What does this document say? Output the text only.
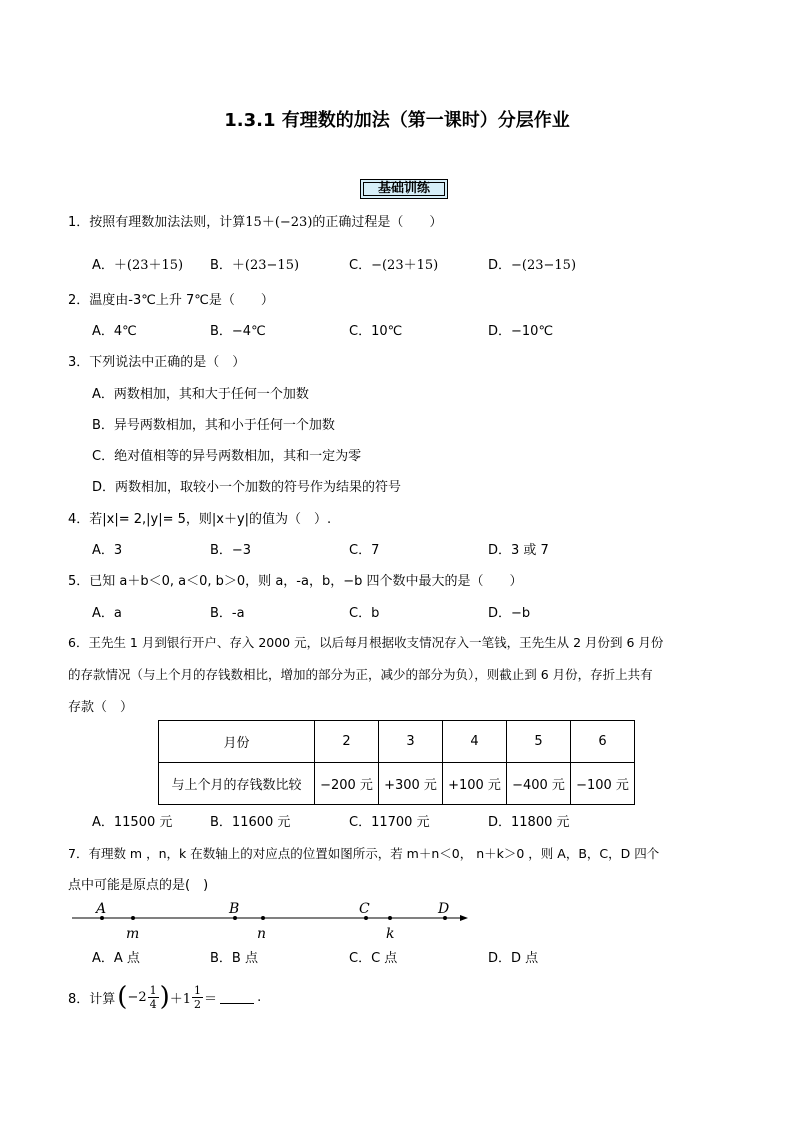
1.3.1 有理数的加法（第一课时）分层作业
基础训练
1．按照有理数加法法则，计算15＋(−23)的正确过程是（　　）
A．＋(23＋15) B．＋(23−15)	C．−(23＋15)	D．−(23−15)
2．温度由-3℃上升 7℃是（　　）
A．4℃	B．−4℃	C．10℃	D．−10℃
3．下列说法中正确的是（　）
A．两数相加，其和大于任何一个加数
B．异号两数相加，其和小于任何一个加数
C．绝对值相等的异号两数相加，其和一定为零
D．两数相加，取较小一个加数的符号作为结果的符号
4．若|x|= 2,|y|= 5，则|x＋y|的值为（　）.
A．3	B．−3	C．7	D．3 或 7
5．已知 a＋b＜0, a＜0, b＞0，则 a，-a，b，−b 四个数中最大的是（　　）
A．a	B．-a	C．b	D．−b
6．王先生 1 月到银行开户、存入 2000 元，以后每月根据收支情况存入一笔钱，王先生从 2 月份到 6 月份
的存款情况（与上个月的存钱数相比，增加的部分为正，减少的部分为负），则截止到 6 月份，存折上共有
存款（　）
月份	2	3	4	5	6
与上个月的存钱数比较	−200 元	+300 元	+100 元	−400 元	−100 元
A．11500 元	B．11600 元	C．11700 元	D．11800 元
7．有理数 m ，n，k 在数轴上的对应点的位置如图所示，若 m＋n＜0， n＋k＞0 ，则 A，B，C，D 四个
点中可能是原点的是(　)
A	B	C	D
m	n	k
A．A 点	B．B 点	C．C 点	D．D 点
8．计算 ( −2 1
4 ) ＋1
1
2 ＝	.
